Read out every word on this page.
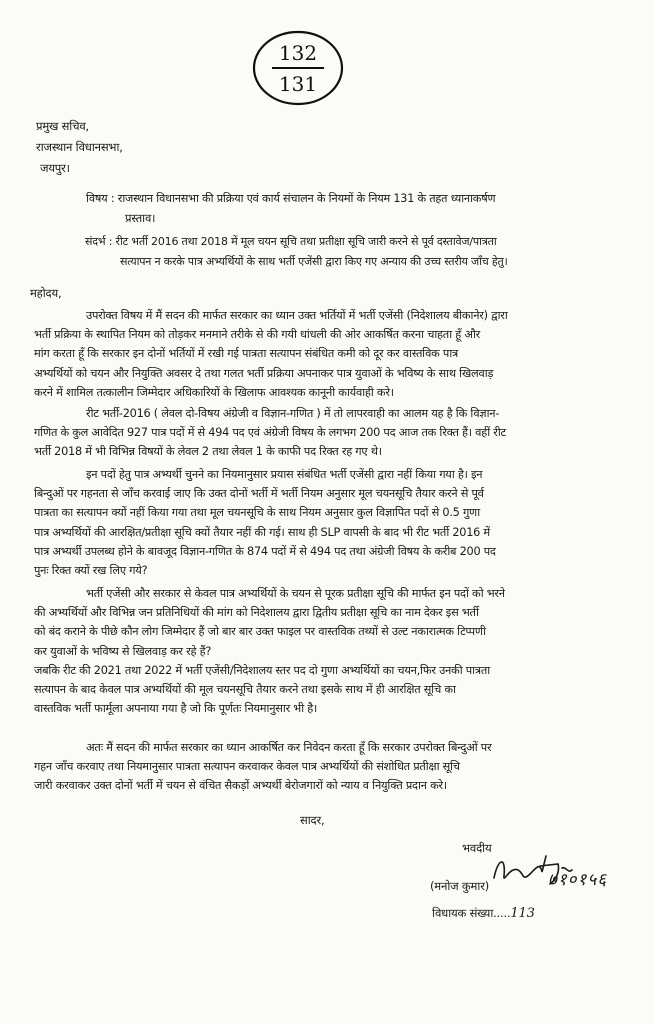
132
131
प्रमुख सचिव,
राजस्थान विधानसभा,
जयपुर।
विषय : राजस्थान विधानसभा की प्रक्रिया एवं कार्य संचालन के नियमों के नियम 131 के तहत ध्यानाकर्षण
प्रस्ताव।
संदर्भ : रीट भर्ती 2016 तथा 2018 में मूल चयन सूचि तथा प्रतीक्षा सूचि जारी करने से पूर्व दस्तावेज/पात्रता
सत्यापन न करके पात्र अभ्यर्थियों के साथ भर्ती एजेंसी द्वारा किए गए अन्याय की उच्च स्तरीय जाँच हेतु।
महोदय,
उपरोक्त विषय में मैं सदन की मार्फत सरकार का ध्यान उक्त भर्तियों में भर्ती एजेंसी (निदेशालय बीकानेर) द्वारा
भर्ती प्रक्रिया के स्थापित नियम को तोड़कर मनमाने तरीके से की गयी धांधली की ओर आकर्षित करना चाहता हूँ और
मांग करता हूँ कि सरकार इन दोनों भर्तियों में रखी गई पात्रता सत्यापन संबंधित कमी को दूर कर वास्तविक पात्र
अभ्यर्थियों को चयन और नियुक्ति अवसर दे तथा गलत भर्ती प्रक्रिया अपनाकर पात्र युवाओं के भविष्य के साथ खिलवाड़
करने में शामिल तत्कालीन जिम्मेदार अधिकारियों के खिलाफ आवश्यक कानूनी कार्यवाही करे।
रीट भर्ती-2016 ( लेवल दो-विषय अंग्रेजी व विज्ञान-गणित ) में तो लापरवाही का आलम यह है कि विज्ञान-
गणित के कुल आवेदित 927 पात्र पदों में से 494 पद एवं अंग्रेजी विषय के लगभग 200 पद आज तक रिक्त हैं। वहीं रीट
भर्ती 2018 में भी विभिन्न विषयों के लेवल 2 तथा लेवल 1 के काफी पद रिक्त रह गए थे।
इन पदों हेतु पात्र अभ्यर्थी चुनने का नियमानुसार प्रयास संबंधित भर्ती एजेंसी द्वारा नहीं किया गया है। इन
बिन्दुओं पर गहनता से जाँच करवाई जाए कि उक्त दोनों भर्ती में भर्ती नियम अनुसार मूल चयनसूचि तैयार करने से पूर्व
पात्रता का सत्यापन क्यों नहीं किया गया तथा मूल चयनसूचि के साथ नियम अनुसार कुल विज्ञापित पदों से 0.5 गुणा
पात्र अभ्यर्थियों की आरक्षित/प्रतीक्षा सूचि क्यों तैयार नहीं की गई। साथ ही SLP वापसी के बाद भी रीट भर्ती 2016 में
पात्र अभ्यर्थी उपलब्ध होने के बावजूद विज्ञान-गणित के 874 पदों में से 494 पद तथा अंग्रेजी विषय के करीब 200 पद
पुनः रिक्त क्यों रख लिए गये?
भर्ती एजेंसी और सरकार से केवल पात्र अभ्यर्थियों के चयन से पूरक प्रतीक्षा सूचि की मार्फत इन पदों को भरने
की अभ्यर्थियों और विभिन्न जन प्रतिनिधियों की मांग को निदेशालय द्वारा द्वितीय प्रतीक्षा सूचि का नाम देकर इस भर्ती
को बंद कराने के पीछे कौन लोग जिम्मेदार हैं जो बार बार उक्त फाइल पर वास्तविक तथ्यों से उल्ट नकारात्मक टिप्पणी
कर युवाओं के भविष्य से खिलवाड़ कर रहे हैं?
जबकि रीट की 2021 तथा 2022 में भर्ती एजेंसी/निदेशालय स्तर पद दो गुणा अभ्यर्थियों का चयन,फिर उनकी पात्रता
सत्यापन के बाद केवल पात्र अभ्यर्थियों की मूल चयनसूचि तैयार करने तथा इसके साथ में ही आरक्षित सूचि का
वास्तविक भर्ती फार्मूला अपनाया गया है जो कि पूर्णतः नियमानुसार भी है।
अतः मैं सदन की मार्फत सरकार का ध्यान आकर्षित कर निवेदन करता हूँ कि सरकार उपरोक्त बिन्दुओं पर
गहन जाँच करवाए तथा नियमानुसार पात्रता सत्यापन करवाकर केवल पात्र अभ्यर्थियों की संशोधित प्रतीक्षा सूचि
जारी करवाकर उक्त दोनों भर्ती में चयन से वंचित सैकड़ों अभ्यर्थी बेरोजगारों को न्याय व नियुक्ति प्रदान करे।
सादर,
भवदीय
(मनोज कुमार)	७१०१५६
विधायक संख्या.....113
